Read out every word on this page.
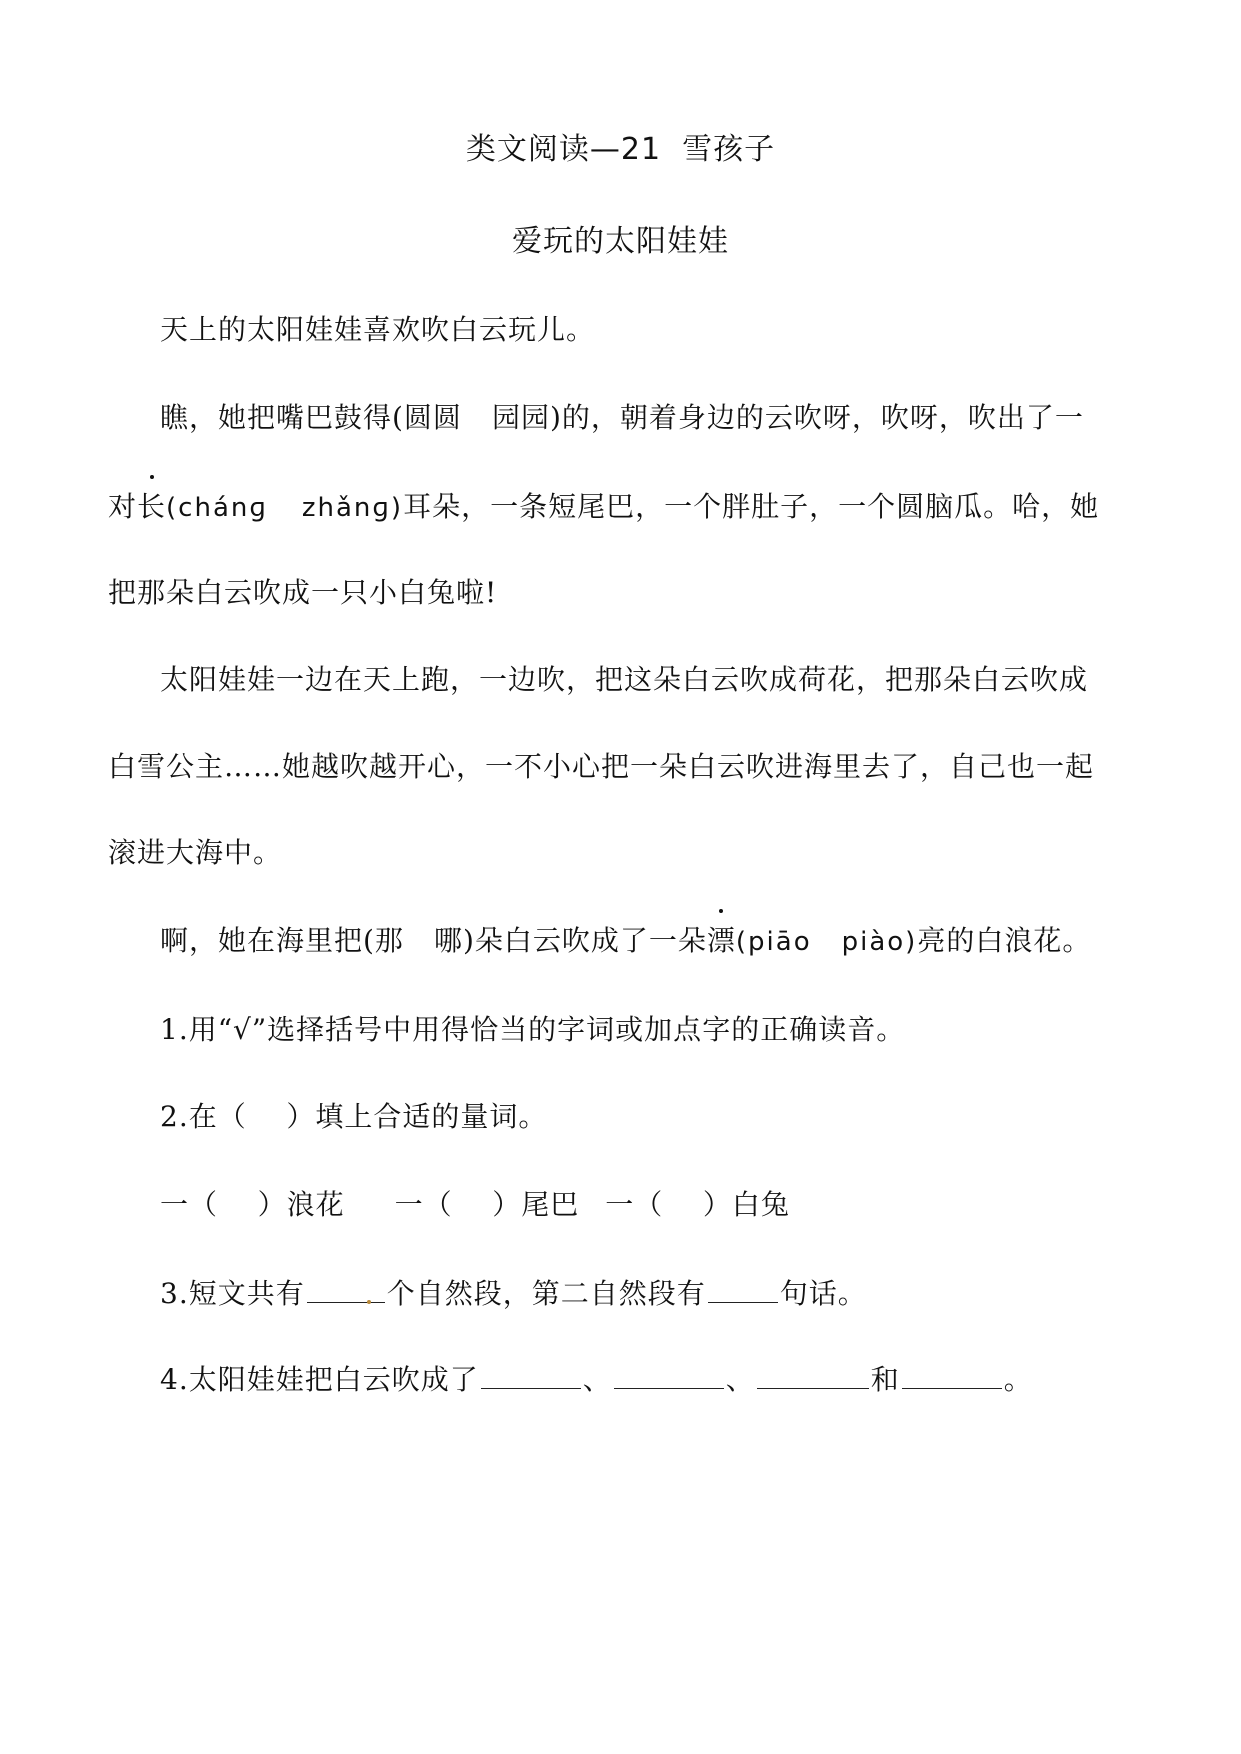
类文阅读—21  雪孩子
爱玩的太阳娃娃
天上的太阳娃娃喜欢吹白云玩儿。
瞧，她把嘴巴鼓得(圆圆 园园)的，朝着身边的云吹呀，吹呀，吹出了一
对长(chánɡ zhǎnɡ)耳朵，一条短尾巴，一个胖肚子，一个圆脑瓜。哈，她
把那朵白云吹成一只小白兔啦!
太阳娃娃一边在天上跑，一边吹，把这朵白云吹成荷花，把那朵白云吹成
白雪公主……她越吹越开心，一不小心把一朵白云吹进海里去了，自己也一起
滚进大海中。
啊，她在海里把(那 哪)朵白云吹成了一朵漂(piāo piào)亮的白浪花。
1.用“√”选择括号中用得恰当的字词或加点字的正确读音。
2.在（    ）填上合适的量词。
一（    ）浪花 一（    ）尾巴 一（    ）白兔
3.短文共有	个自然段，第二自然段有	句话。
4.太阳娃娃把白云吹成了	、	、	和	。
